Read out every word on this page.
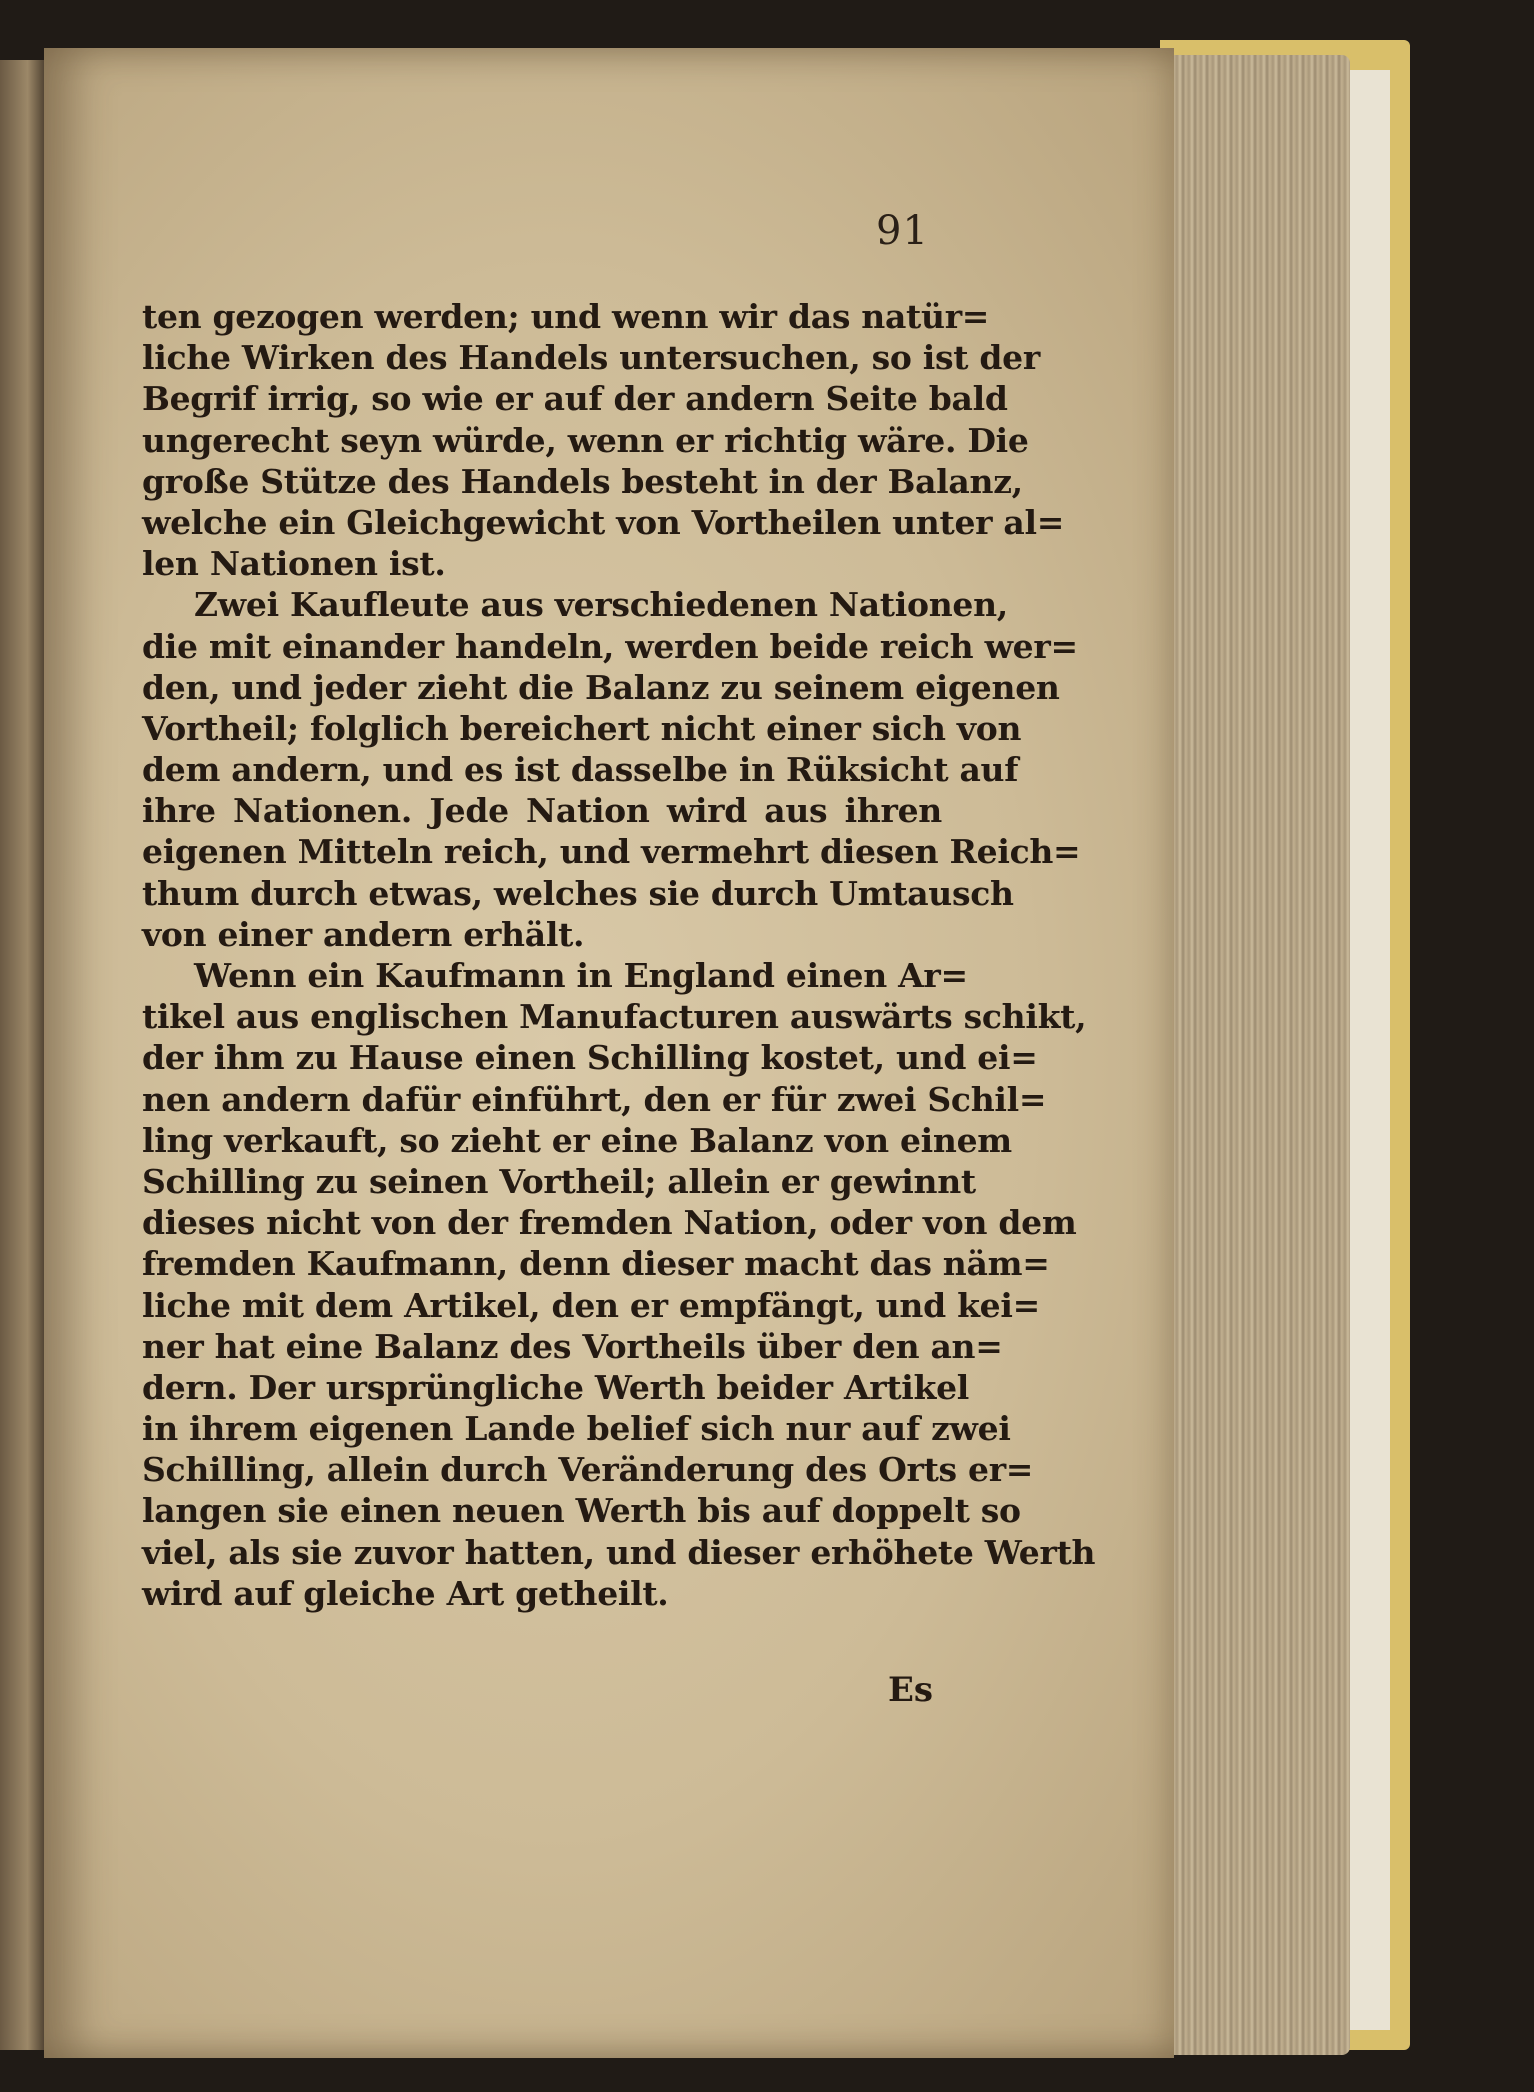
91
ten gezogen werden; und wenn wir das natür=
liche Wirken des Handels untersuchen, so ist der
Begrif irrig, so wie er auf der andern Seite bald
ungerecht seyn würde, wenn er richtig wäre. Die
große Stütze des Handels besteht in der Balanz,
welche ein Gleichgewicht von Vortheilen unter al=
len Nationen ist.
Zwei Kaufleute aus verschiedenen Nationen,
die mit einander handeln, werden beide reich wer=
den, und jeder zieht die Balanz zu seinem eigenen
Vortheil; folglich bereichert nicht einer sich von
dem andern, und es ist dasselbe in Rüksicht auf
ihre Nationen. Jede Nation wird aus ihren
eigenen Mitteln reich, und vermehrt diesen Reich=
thum durch etwas, welches sie durch Umtausch
von einer andern erhält.
Wenn ein Kaufmann in England einen Ar=
tikel aus englischen Manufacturen auswärts schikt,
der ihm zu Hause einen Schilling kostet, und ei=
nen andern dafür einführt, den er für zwei Schil=
ling verkauft, so zieht er eine Balanz von einem
Schilling zu seinen Vortheil; allein er gewinnt
dieses nicht von der fremden Nation, oder von dem
fremden Kaufmann, denn dieser macht das näm=
liche mit dem Artikel, den er empfängt, und kei=
ner hat eine Balanz des Vortheils über den an=
dern. Der ursprüngliche Werth beider Artikel
in ihrem eigenen Lande belief sich nur auf zwei
Schilling, allein durch Veränderung des Orts er=
langen sie einen neuen Werth bis auf doppelt so
viel, als sie zuvor hatten, und dieser erhöhete Werth
wird auf gleiche Art getheilt.
Es
